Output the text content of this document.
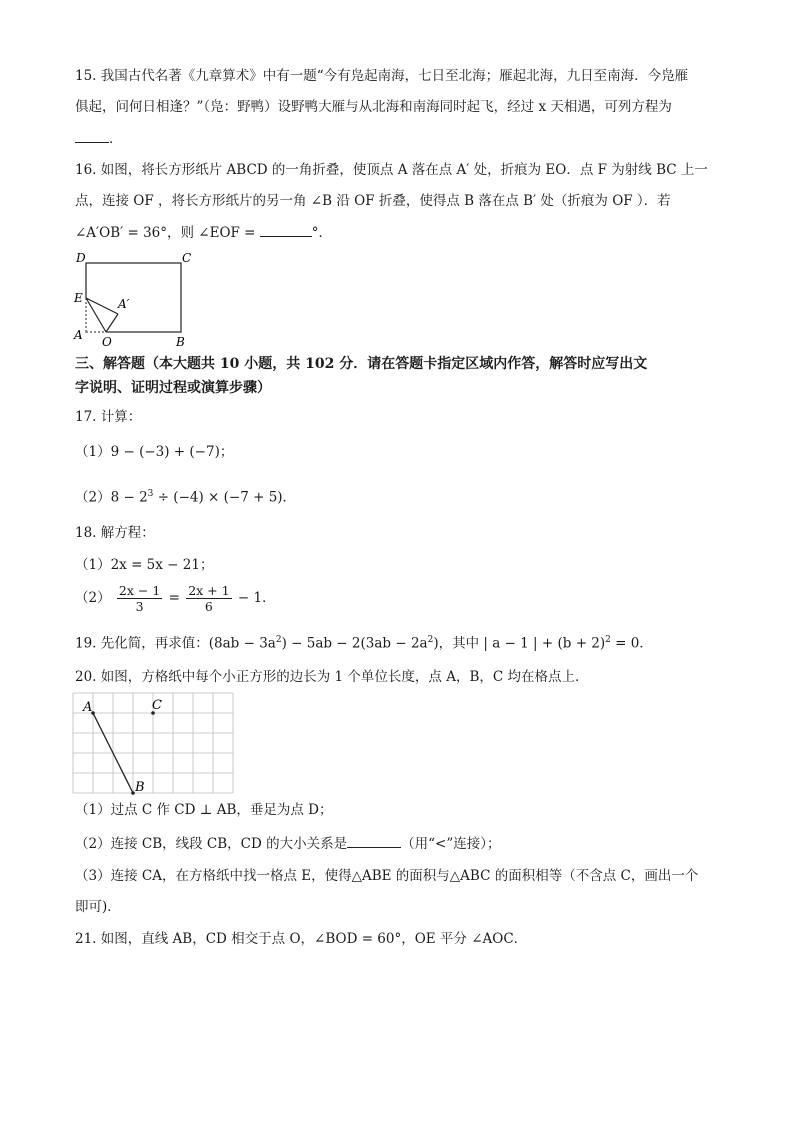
15. 我国古代名著《九章算术》中有一题“今有凫起南海，七日至北海；雁起北海，九日至南海．今凫雁
俱起，问何日相逢？”（凫：野鸭）设野鸭大雁与从北海和南海同时起飞，经过 x 天相遇，可列方程为
．
16. 如图，将长方形纸片 ABCD 的一角折叠，使顶点 A 落在点 A′ 处，折痕为 EO．点 F 为射线 BC 上一
点，连接 OF ，将长方形纸片的另一角 ∠B 沿 OF 折叠，使得点 B 落在点 B′ 处（折痕为 OF ）．若
∠A′OB′ = 36°，则 ∠EOF =	°．
D	C
E	A′
A O	B
三、解答题（本大题共 10 小题，共 102 分．请在答题卡指定区域内作答，解答时应写出文
字说明、证明过程或演算步骤）
17. 计算：
（1）9 − (−3) + (−7)；
$(2)8 - 2^3 \div (-4) \times (-7 + 5)$．
18. 解方程：
（1）2x = 5x − 21；
$(2) \frac{2x - 1}{3} = \frac{2x + 1}{6} - 1$．
19. 先化简，再求值：$(8ab - 3a^2) - 5ab - 2(3ab - 2a^2)$，其中 | a − 1 | + $(b + 2)^2 = 0$．
20. 如图，方格纸中每个小正方形的边长为 1 个单位长度，点 A，B，C 均在格点上．
A	C
B
（1）过点 C 作 CD ⊥ AB，垂足为点 D；
（2）连接 CB，线段 CB，CD 的大小关系是	（用“<”连接）；
（3）连接 CA，在方格纸中找一格点 E，使得△ABE 的面积与△ABC 的面积相等（不含点 C，画出一个
即可)．
21. 如图，直线 AB，CD 相交于点 O，∠BOD = 60°，OE 平分 ∠AOC．
